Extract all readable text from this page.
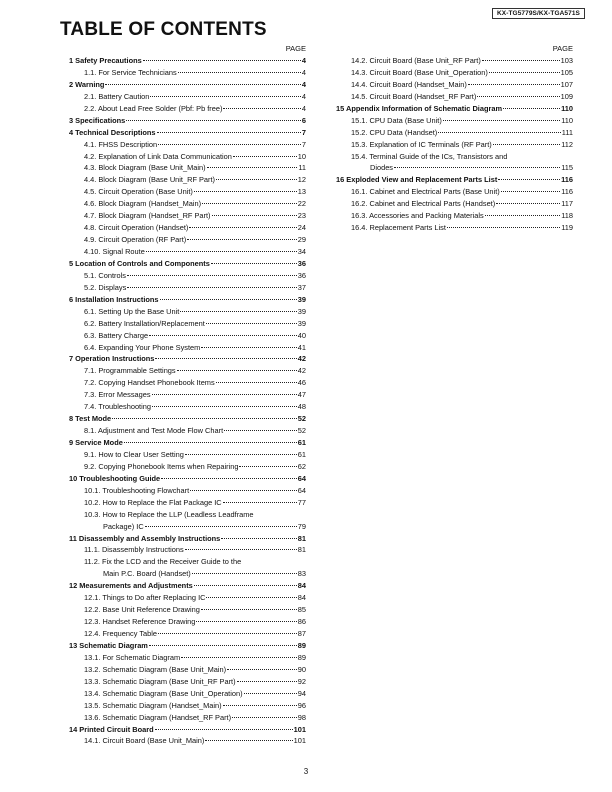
KX-TG5779S/KX-TGA571S
TABLE OF CONTENTS
PAGE
1 Safety Precautions	4
1.1. For Service Technicians	4
2 Warning	4
2.1. Battery Caution	4
2.2. About Lead Free Solder (Pbf: Pb free)	4
3 Specifications	6
4 Technical Descriptions	7
4.1. FHSS Description	7
4.2. Explanation of Link Data Communication	10
4.3. Block Diagram (Base Unit_Main)	11
4.4. Block Diagram (Base Unit_RF Part)	12
4.5. Circuit Operation (Base Unit)	13
4.6. Block Diagram (Handset_Main)	22
4.7. Block Diagram (Handset_RF Part)	23
4.8. Circuit Operation (Handset)	24
4.9. Circuit Operation (RF Part)	29
4.10. Signal Route	34
5 Location of Controls and Components	36
5.1. Controls	36
5.2. Displays	37
6 Installation Instructions	39
6.1. Setting Up the Base Unit	39
6.2. Battery Installation/Replacement	39
6.3. Battery Charge	40
6.4. Expanding Your Phone System	41
7 Operation Instructions	42
7.1. Programmable Settings	42
7.2. Copying Handset Phonebook Items	46
7.3. Error Messages	47
7.4. Troubleshooting	48
8 Test Mode	52
8.1. Adjustment and Test Mode Flow Chart	52
9 Service Mode	61
9.1. How to Clear User Setting	61
9.2. Copying Phonebook Items when Repairing	62
10 Troubleshooting Guide	64
10.1. Troubleshooting Flowchart	64
10.2. How to Replace the Flat Package IC	77
10.3. How to Replace the LLP (Leadless Leadframe
Package) IC	79
11 Disassembly and Assembly Instructions	81
11.1. Disassembly Instructions	81
11.2. Fix the LCD and the Receiver Guide to the
Main P.C. Board (Handset)	83
12 Measurements and Adjustments	84
12.1. Things to Do after Replacing IC	84
12.2. Base Unit Reference Drawing	85
12.3. Handset Reference Drawing	86
12.4. Frequency Table	87
13 Schematic Diagram	89
13.1. For Schematic Diagram	89
13.2. Schematic Diagram (Base Unit_Main)	90
13.3. Schematic Diagram (Base Unit_RF Part)	92
13.4. Schematic Diagram (Base Unit_Operation)	94
13.5. Schematic Diagram (Handset_Main)	96
13.6. Schematic Diagram (Handset_RF Part)	98
14 Printed Circuit Board	101
14.1. Circuit Board (Base Unit_Main)	101
PAGE
14.2. Circuit Board (Base Unit_RF Part)	103
14.3. Circuit Board (Base Unit_Operation)	105
14.4. Circuit Board (Handset_Main)	107
14.5. Circuit Board (Handset_RF Part)	109
15 Appendix Information of Schematic Diagram	110
15.1. CPU Data (Base Unit)	110
15.2. CPU Data (Handset)	111
15.3. Explanation of IC Terminals (RF Part)	112
15.4. Terminal Guide of the ICs, Transistors and
Diodes	115
16 Exploded View and Replacement Parts List	116
16.1. Cabinet and Electrical Parts (Base Unit)	116
16.2. Cabinet and Electrical Parts (Handset)	117
16.3. Accessories and Packing Materials	118
16.4. Replacement Parts List	119
3
